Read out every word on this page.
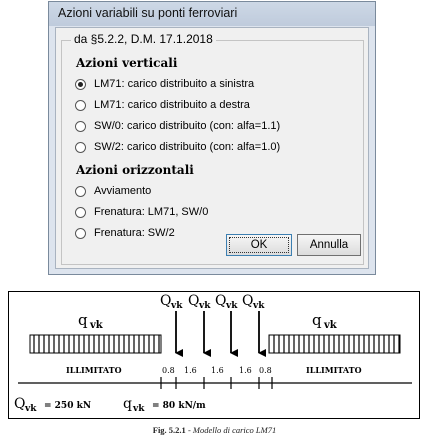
Azioni variabili su ponti ferroviari
da §5.2.2, D.M. 17.1.2018
Azioni verticali
LM71: carico distribuito a sinistra
LM71: carico distribuito a destra
SW/0: carico distribuito (con: alfa=1.1)
SW/2: carico distribuito (con: alfa=1.0)
Azioni orizzontali
Avviamento
Frenatura: LM71, SW/0
Frenatura: SW/2
OK	Annulla
q vk	q vk
Q vk Q vk Q vk Q vk
ILLIMITATO	ILLIMITATO
0.8 1.6 1.6 1.6 0.8
Q vk = 250 kN q vk = 80 kN/m
Fig. 5.2.1 - Modello di carico LM71
